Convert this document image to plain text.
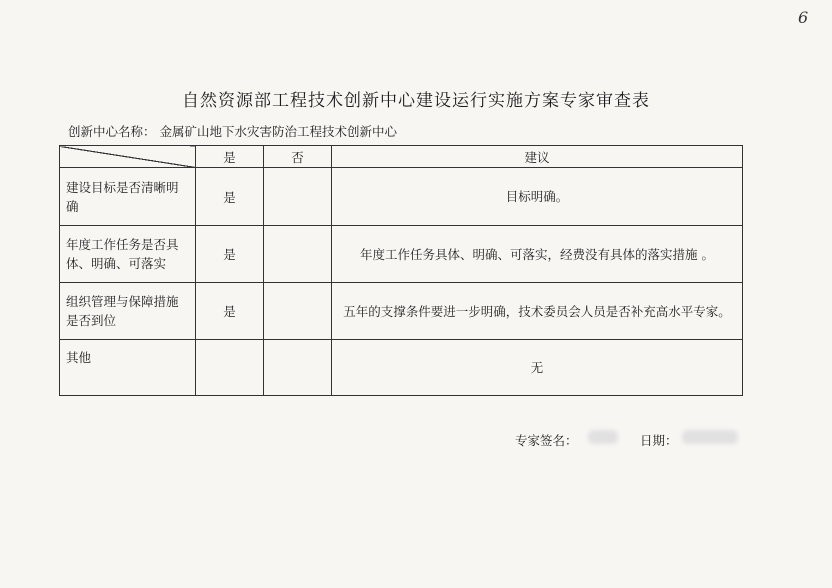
6
自然资源部工程技术创新中心建设运行实施方案专家审查表
创新中心名称： 金属矿山地下水灾害防治工程技术创新中心
	是	否	建议
建设目标是否清晰明确	是		目标明确。
年度工作任务是否具体、明确、可落实	是		年度工作任务具体、明确、可落实，经费没有具体的落实措施 。
组织管理与保障措施是否到位	是		五年的支撑条件要进一步明确，技术委员会人员是否补充高水平专家。
其他			无
专家签名：	日期：
